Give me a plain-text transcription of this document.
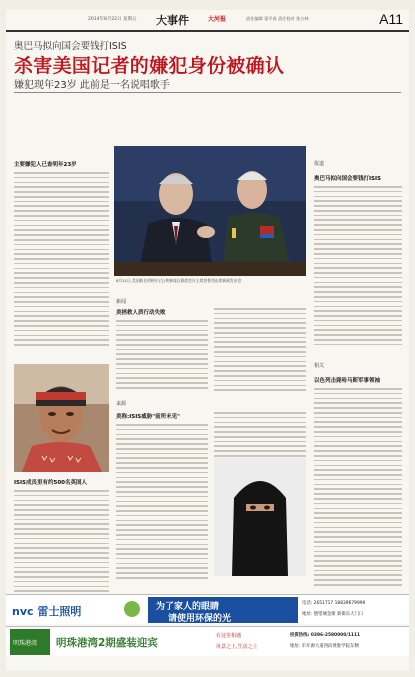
2014年8月22日 星期五 大事件	大河报	责任编辑 梁平春 责任校对 张万林	A11
奥巴马拟向国会要钱打ISIS
杀害美国记者的嫌犯身份被确认
嫌犯现年23岁 此前是一名说唱歌手
主要嫌犯人已查明年23岁
ISIS成员里有约500名英国人
8月21日,美国防长哈格尔(左)和参谋长联席会议主席登普西出席新闻发布会
新闻
美拯救人质行动失败
来源
美称:ISIS威胁"前所未见"
报道
奥巴马拟向国会要钱打ISIS
相关
以色列击毙哈马斯军事领袖
nvc 雷士照明	为了家人的眼睛
请使用环保的光
电话: 2651717 18839679999
地址: 德望城金街 新街东大门口
明珠港湾 明珠港湾2期盛装迎宾
在这里相遇
风景之上,生活之上
投资热线: 0396-2580000/1111
地址: 市开源大道西段黄淮学院东侧
